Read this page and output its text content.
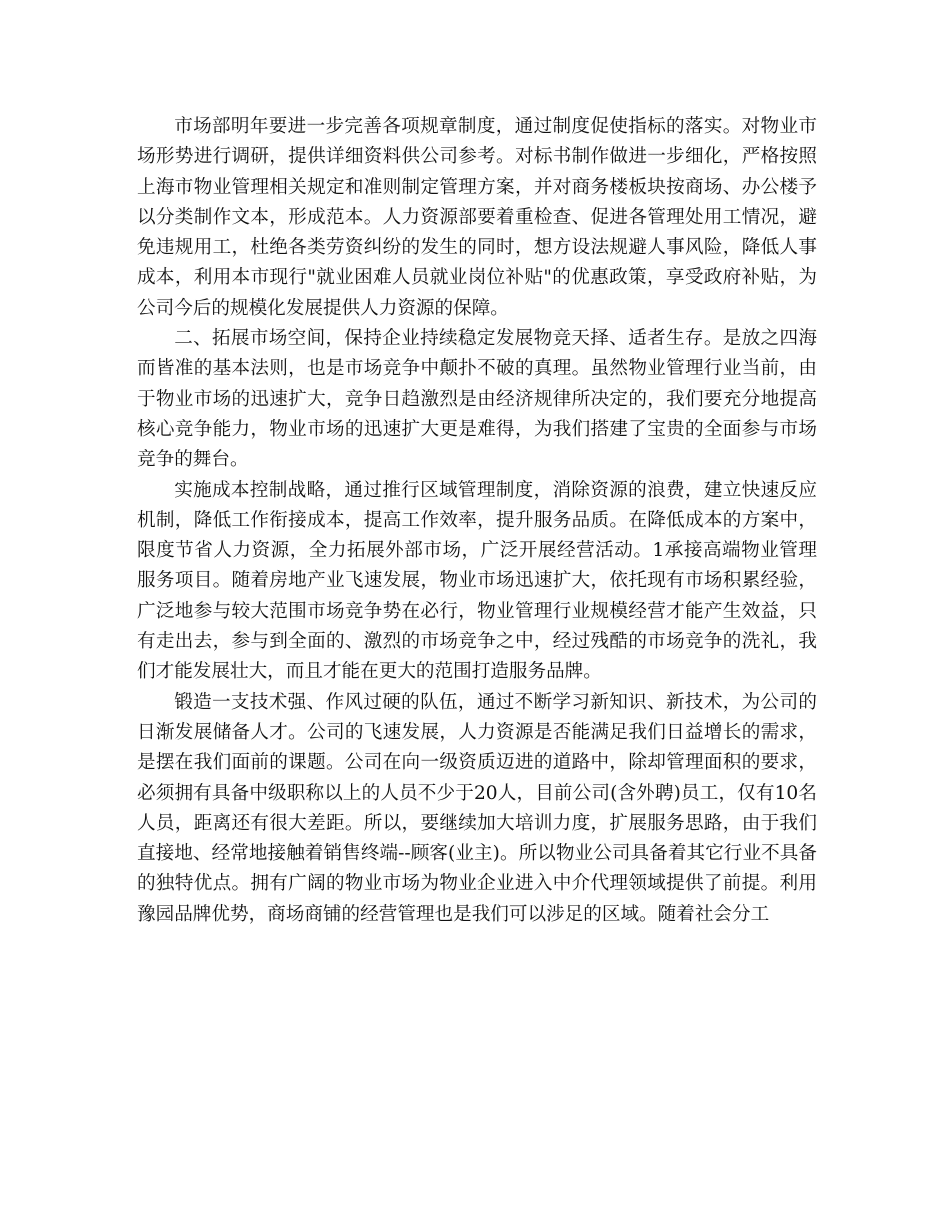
市场部明年要进一步完善各项规章制度，通过制度促使指标的落实。对物业市场形势进行调研，提供详细资料供公司参考。对标书制作做进一步细化，严格按照上海市物业管理相关规定和准则制定管理方案，并对商务楼板块按商场、办公楼予以分类制作文本，形成范本。人力资源部要着重检查、促进各管理处用工情况，避免违规用工，杜绝各类劳资纠纷的发生的同时，想方设法规避人事风险，降低人事成本，利用本市现行"就业困难人员就业岗位补贴"的优惠政策，享受政府补贴，为公司今后的规模化发展提供人力资源的保障。

二、拓展市场空间，保持企业持续稳定发展物竞天择、适者生存。是放之四海而皆准的基本法则，也是市场竞争中颠扑不破的真理。虽然物业管理行业当前，由于物业市场的迅速扩大，竞争日趋激烈是由经济规律所决定的，我们要充分地提高核心竞争能力，物业市场的迅速扩大更是难得，为我们搭建了宝贵的全面参与市场竞争的舞台。

实施成本控制战略，通过推行区域管理制度，消除资源的浪费，建立快速反应机制，降低工作衔接成本，提高工作效率，提升服务品质。在降低成本的方案中，限度节省人力资源，全力拓展外部市场，广泛开展经营活动。1承接高端物业管理服务项目。随着房地产业飞速发展，物业市场迅速扩大，依托现有市场积累经验，广泛地参与较大范围市场竞争势在必行，物业管理行业规模经营才能产生效益，只有走出去，参与到全面的、激烈的市场竞争之中，经过残酷的市场竞争的洗礼，我们才能发展壮大，而且才能在更大的范围打造服务品牌。

锻造一支技术强、作风过硬的队伍，通过不断学习新知识、新技术，为公司的日渐发展储备人才。公司的飞速发展，人力资源是否能满足我们日益增长的需求，是摆在我们面前的课题。公司在向一级资质迈进的道路中，除却管理面积的要求，必须拥有具备中级职称以上的人员不少于20人，目前公司(含外聘)员工，仅有10名人员，距离还有很大差距。所以，要继续加大培训力度，扩展服务思路，由于我们直接地、经常地接触着销售终端--顾客(业主)。所以物业公司具备着其它行业不具备的独特优点。拥有广阔的物业市场为物业企业进入中介代理领域提供了前提。利用豫园品牌优势，商场商铺的经营管理也是我们可以涉足的区域。随着社会分工
